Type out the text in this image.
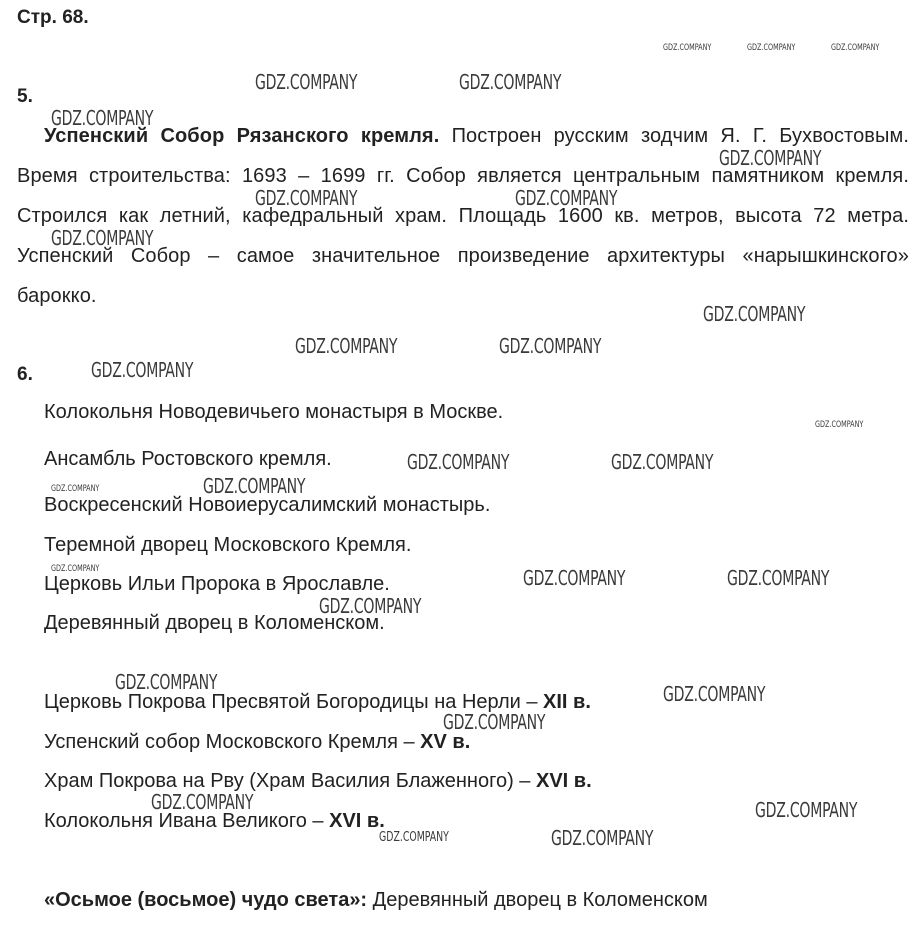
Стр. 68.
5.
Успенский Собор Рязанского кремля. Построен русским зодчим Я. Г. Бухвостовым. Время строительства: 1693 – 1699 гг. Собор является центральным памятником кремля. Строился как летний, кафедральный храм. Площадь 1600 кв. метров, высота 72 метра. Успенский Собор – самое значительное произведение архитектуры «нарышкинского» барокко.
6.
Колокольня Новодевичьего монастыря в Москве.
Ансамбль Ростовского кремля.
Воскресенский Новоиерусалимский монастырь.
Теремной дворец Московского Кремля.
Церковь Ильи Пророка в Ярославле.
Деревянный дворец в Коломенском.
Церковь Покрова Пресвятой Богородицы на Нерли – XII в.
Успенский собор Московского Кремля – XV в.
Храм Покрова на Рву (Храм Василия Блаженного) – XVI в.
Колокольня Ивана Великого – XVI в.
«Осьмое (восьмое) чудо света»: Деревянный дворец в Коломенском
GDZ.COMPANY	GDZ.COMPANY	GDZ.COMPANY
GDZ.COMPANY	GDZ.COMPANY
GDZ.COMPANY
GDZ.COMPANY
GDZ.COMPANY	GDZ.COMPANY
GDZ.COMPANY
GDZ.COMPANY
GDZ.COMPANY	GDZ.COMPANY
GDZ.COMPANY
GDZ.COMPANY
GDZ.COMPANY	GDZ.COMPANY
GDZ.COMPANY	GDZ.COMPANY
GDZ.COMPANY	GDZ.COMPANY	GDZ.COMPANY
GDZ.COMPANY
GDZ.COMPANY	GDZ.COMPANY
GDZ.COMPANY
GDZ.COMPANY	GDZ.COMPANY
GDZ.COMPANY	GDZ.COMPANY
